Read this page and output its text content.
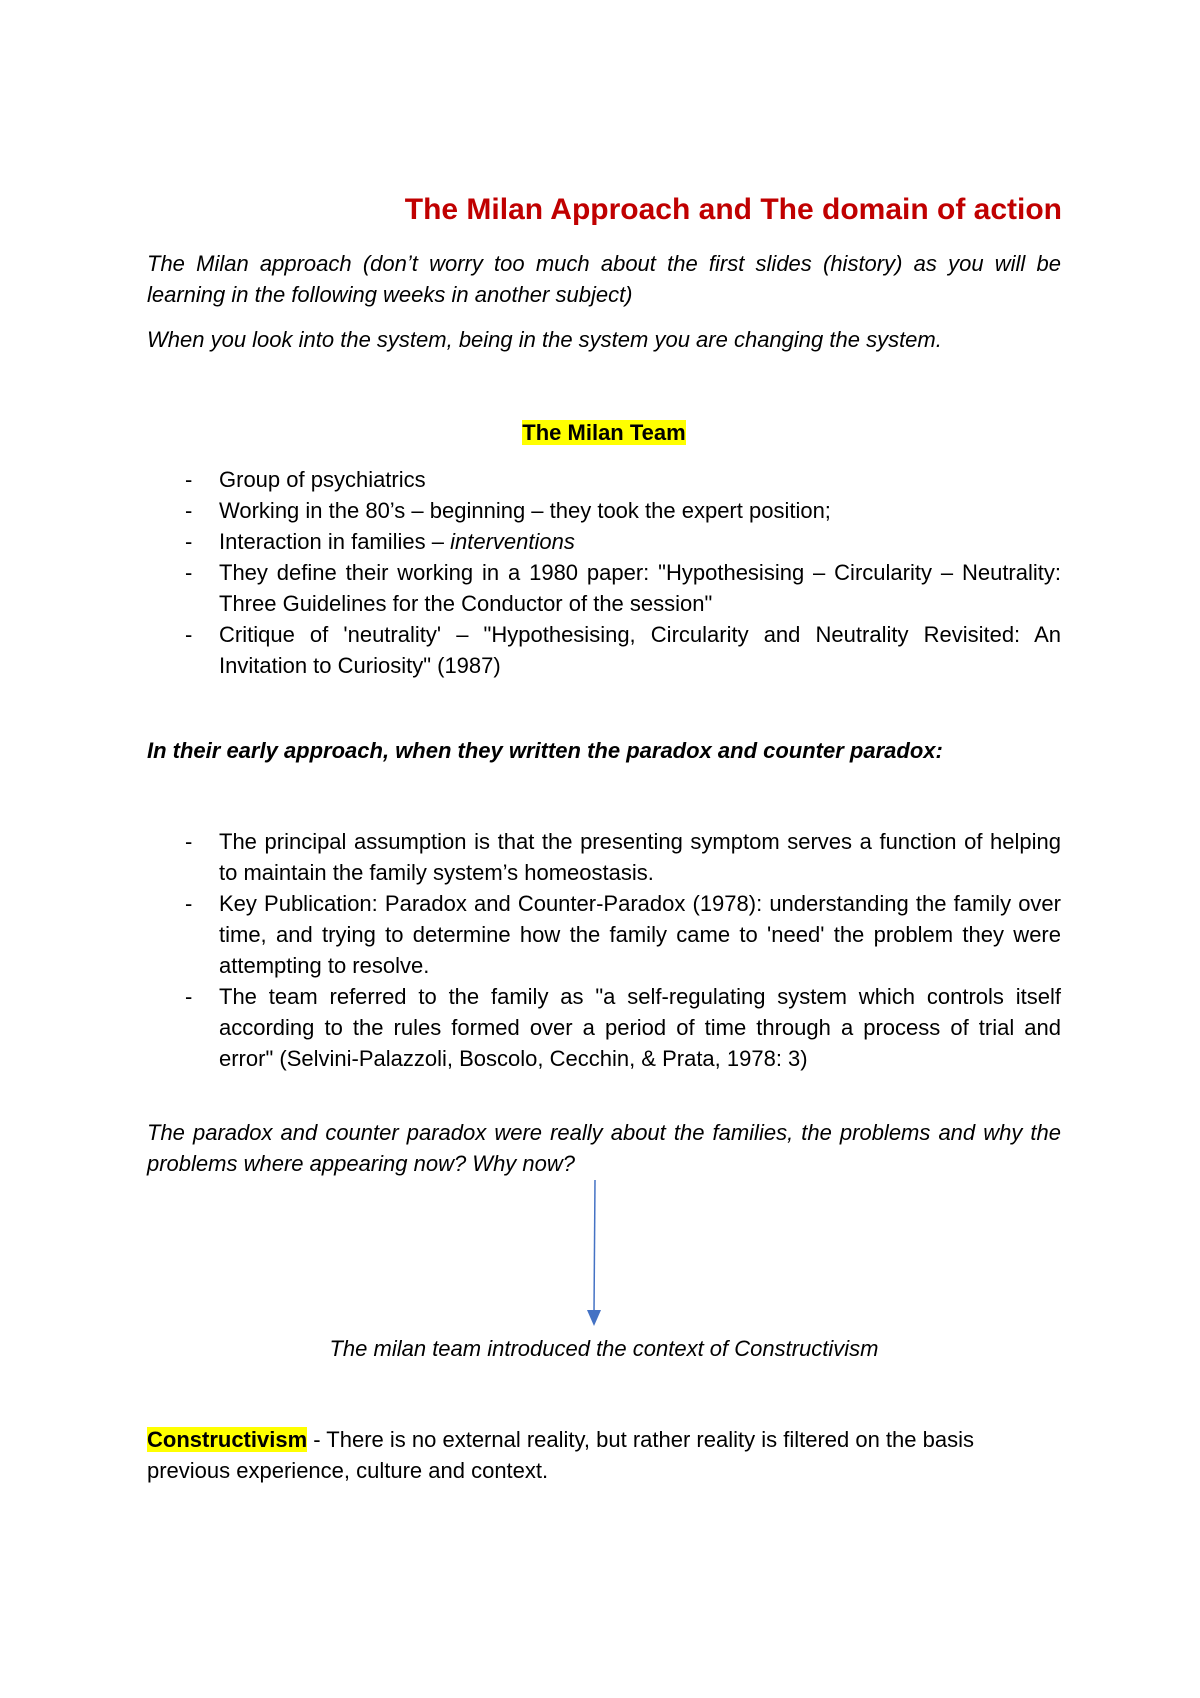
The Milan Approach and The domain of action
The Milan approach (don’t worry too much about the first slides (history) as you will be learning in the following weeks in another subject)
When you look into the system, being in the system you are changing the system.
The Milan Team
- Group of psychiatrics
- Working in the 80’s – beginning – they took the expert position;
- Interaction in families – interventions
- They define their working in a 1980 paper: "Hypothesising – Circularity – Neutrality: Three Guidelines for the Conductor of the session"
- Critique of 'neutrality' – "Hypothesising, Circularity and Neutrality Revisited: An Invitation to Curiosity" (1987)
In their early approach, when they written the paradox and counter paradox:
- The principal assumption is that the presenting symptom serves a function of helping to maintain the family system’s homeostasis.
- Key Publication: Paradox and Counter-Paradox (1978): understanding the family over time, and trying to determine how the family came to 'need' the problem they were attempting to resolve.
- The team referred to the family as "a self-regulating system which controls itself according to the rules formed over a period of time through a process of trial and error" (Selvini-Palazzoli, Boscolo, Cecchin, & Prata, 1978: 3)
The paradox and counter paradox were really about the families, the problems and why the problems where appearing now? Why now?
The milan team introduced the context of Constructivism
Constructivism - There is no external reality, but rather reality is filtered on the basis previous experience, culture and context.
